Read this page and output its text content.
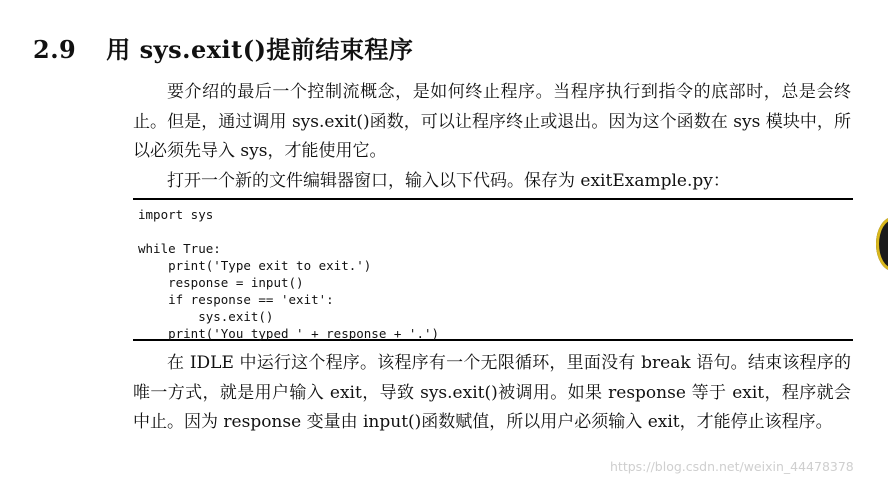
2.9 用 sys.exit()提前结束程序

要介绍的最后一个控制流概念，是如何终止程序。当程序执行到指令的底部时，总是会终止。但是，通过调用 sys.exit()函数，可以让程序终止或退出。因为这个函数在 sys 模块中，所以必须先导入 sys，才能使用它。

打开一个新的文件编辑器窗口，输入以下代码。保存为 exitExample.py：

import sys
while True:
print('Type exit to exit.')
response = input()
if response == 'exit':
sys.exit()
print('You typed ' + response + '.')

在 IDLE 中运行这个程序。该程序有一个无限循环，里面没有 break 语句。结束该程序的唯一方式，就是用户输入 exit，导致 sys.exit()被调用。如果 response 等于 exit，程序就会中止。因为 response 变量由 input()函数赋值，所以用户必须输入 exit，才能停止该程序。

https://blog.csdn.net/weixin_44478378
